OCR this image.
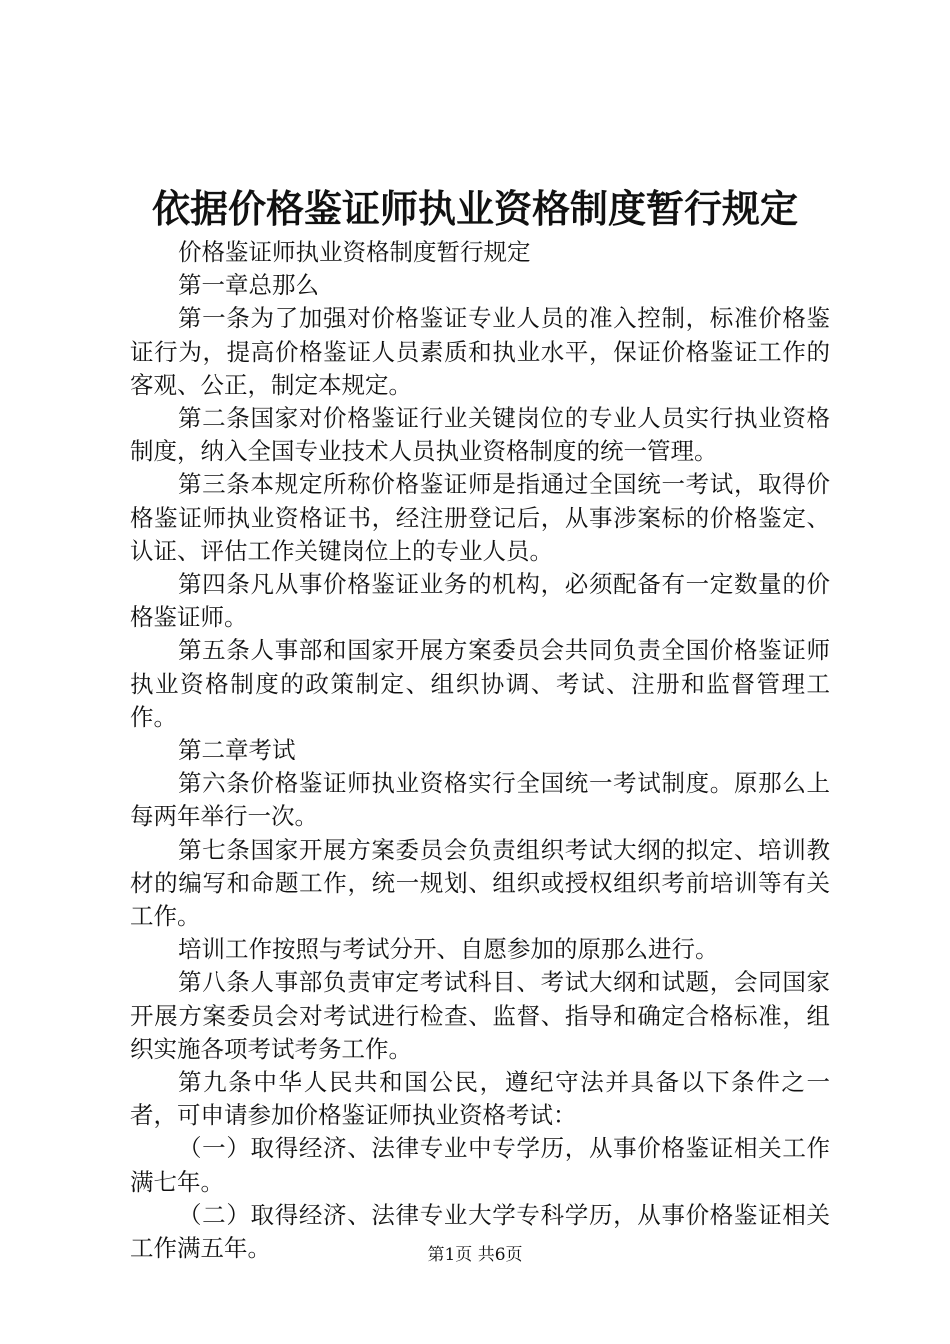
依据价格鉴证师执业资格制度暂行规定

价格鉴证师执业资格制度暂行规定

第一章总那么

第一条为了加强对价格鉴证专业人员的准入控制，标准价格鉴证行为，提高价格鉴证人员素质和执业水平，保证价格鉴证工作的客观、公正，制定本规定。

第二条国家对价格鉴证行业关键岗位的专业人员实行执业资格制度，纳入全国专业技术人员执业资格制度的统一管理。

第三条本规定所称价格鉴证师是指通过全国统一考试，取得价格鉴证师执业资格证书，经注册登记后，从事涉案标的价格鉴定、认证、评估工作关键岗位上的专业人员。

第四条凡从事价格鉴证业务的机构，必须配备有一定数量的价格鉴证师。

第五条人事部和国家开展方案委员会共同负责全国价格鉴证师执业资格制度的政策制定、组织协调、考试、注册和监督管理工作。

第二章考试

第六条价格鉴证师执业资格实行全国统一考试制度。原那么上每两年举行一次。

第七条国家开展方案委员会负责组织考试大纲的拟定、培训教材的编写和命题工作，统一规划、组织或授权组织考前培训等有关工作。

培训工作按照与考试分开、自愿参加的原那么进行。

第八条人事部负责审定考试科目、考试大纲和试题，会同国家开展方案委员会对考试进行检查、监督、指导和确定合格标准，组织实施各项考试考务工作。

第九条中华人民共和国公民，遵纪守法并具备以下条件之一者，可申请参加价格鉴证师执业资格考试：

（一）取得经济、法律专业中专学历，从事价格鉴证相关工作满七年。

（二）取得经济、法律专业大学专科学历，从事价格鉴证相关工作满五年。	第1页 共6页
